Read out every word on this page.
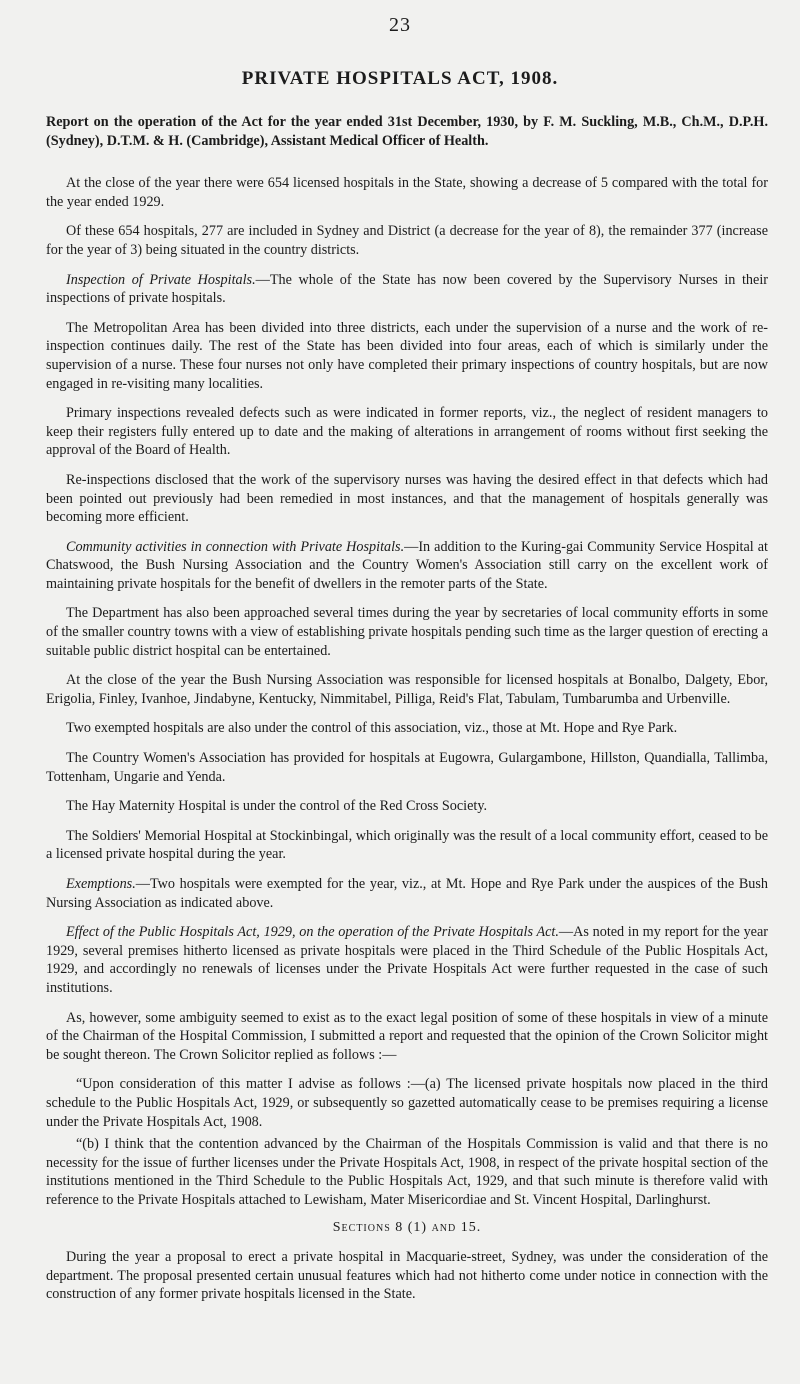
23
PRIVATE HOSPITALS ACT, 1908.

Report on the operation of the Act for the year ended 31st December, 1930, by F. M. Suckling, M.B., Ch.M., D.P.H. (Sydney), D.T.M. & H. (Cambridge), Assistant Medical Officer of Health.

At the close of the year there were 654 licensed hospitals in the State, showing a decrease of 5 compared with the total for the year ended 1929.

Of these 654 hospitals, 277 are included in Sydney and District (a decrease for the year of 8), the remainder 377 (increase for the year of 3) being situated in the country districts.

Inspection of Private Hospitals.—The whole of the State has now been covered by the Supervisory Nurses in their inspections of private hospitals.

The Metropolitan Area has been divided into three districts, each under the supervision of a nurse and the work of re-inspection continues daily. The rest of the State has been divided into four areas, each of which is similarly under the supervision of a nurse. These four nurses not only have completed their primary inspections of country hospitals, but are now engaged in re-visiting many localities.

Primary inspections revealed defects such as were indicated in former reports, viz., the neglect of resident managers to keep their registers fully entered up to date and the making of alterations in arrangement of rooms without first seeking the approval of the Board of Health.

Re-inspections disclosed that the work of the supervisory nurses was having the desired effect in that defects which had been pointed out previously had been remedied in most instances, and that the management of hospitals generally was becoming more efficient.

Community activities in connection with Private Hospitals.—In addition to the Kuring-gai Community Service Hospital at Chatswood, the Bush Nursing Association and the Country Women's Association still carry on the excellent work of maintaining private hospitals for the benefit of dwellers in the remoter parts of the State.

The Department has also been approached several times during the year by secretaries of local community efforts in some of the smaller country towns with a view of establishing private hospitals pending such time as the larger question of erecting a suitable public district hospital can be entertained.

At the close of the year the Bush Nursing Association was responsible for licensed hospitals at Bonalbo, Dalgety, Ebor, Erigolia, Finley, Ivanhoe, Jindabyne, Kentucky, Nimmitabel, Pilliga, Reid's Flat, Tabulam, Tumbarumba and Urbenville.

Two exempted hospitals are also under the control of this association, viz., those at Mt. Hope and Rye Park.

The Country Women's Association has provided for hospitals at Eugowra, Gulargambone, Hillston, Quandialla, Tallimba, Tottenham, Ungarie and Yenda.

The Hay Maternity Hospital is under the control of the Red Cross Society.

The Soldiers' Memorial Hospital at Stockinbingal, which originally was the result of a local community effort, ceased to be a licensed private hospital during the year.

Exemptions.—Two hospitals were exempted for the year, viz., at Mt. Hope and Rye Park under the auspices of the Bush Nursing Association as indicated above.

Effect of the Public Hospitals Act, 1929, on the operation of the Private Hospitals Act.—As noted in my report for the year 1929, several premises hitherto licensed as private hospitals were placed in the Third Schedule of the Public Hospitals Act, 1929, and accordingly no renewals of licenses under the Private Hospitals Act were further requested in the case of such institutions.

As, however, some ambiguity seemed to exist as to the exact legal position of some of these hospitals in view of a minute of the Chairman of the Hospital Commission, I submitted a report and requested that the opinion of the Crown Solicitor might be sought thereon. The Crown Solicitor replied as follows :—

“Upon consideration of this matter I advise as follows :—(a) The licensed private hospitals now placed in the third schedule to the Public Hospitals Act, 1929, or subsequently so gazetted automatically cease to be premises requiring a license under the Private Hospitals Act, 1908.

“(b) I think that the contention advanced by the Chairman of the Hospitals Commission is valid and that there is no necessity for the issue of further licenses under the Private Hospitals Act, 1908, in respect of the private hospital section of the institutions mentioned in the Third Schedule to the Public Hospitals Act, 1929, and that such minute is therefore valid with reference to the Private Hospitals attached to Lewisham, Mater Misericordiae and St. Vincent Hospital, Darlinghurst.

Sections 8 (1) and 15.

During the year a proposal to erect a private hospital in Macquarie-street, Sydney, was under the consideration of the department. The proposal presented certain unusual features which had not hitherto come under notice in connection with the construction of any former private hospitals licensed in the State.
